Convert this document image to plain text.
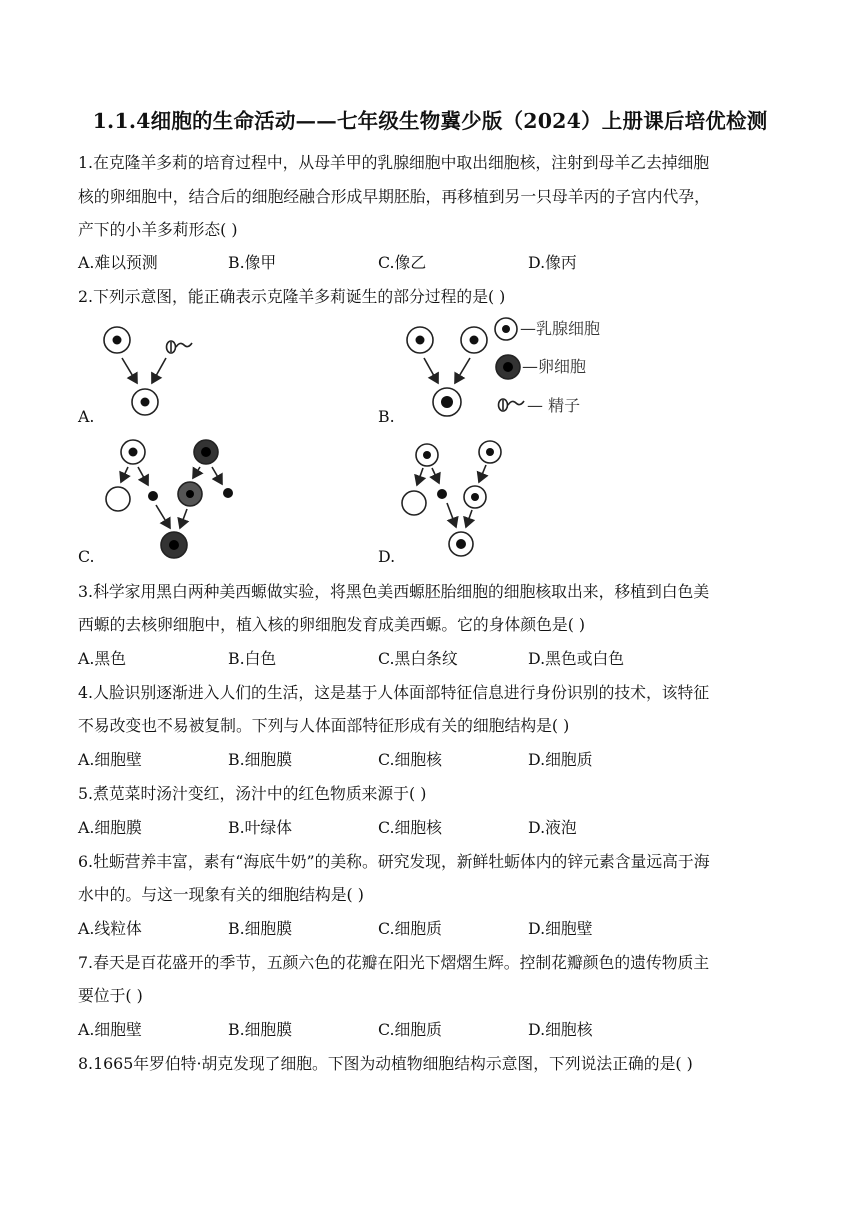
1.1.4细胞的生命活动——七年级生物冀少版（2024）上册课后培优检测
1.在克隆羊多莉的培育过程中，从母羊甲的乳腺细胞中取出细胞核，注射到母羊乙去掉细胞
核的卵细胞中，结合后的细胞经融合形成早期胚胎，再移植到另一只母羊丙的子宫内代孕，
产下的小羊多莉形态( )
A.难以预测	B.像甲	C.像乙	D.像丙
2.下列示意图，能正确表示克隆羊多莉诞生的部分过程的是( )
—乳腺细胞
—卵细胞
— 精子
A.	B.
C.	D.
3.科学家用黑白两种美西螈做实验，将黑色美西螈胚胎细胞的细胞核取出来，移植到白色美
西螈的去核卵细胞中，植入核的卵细胞发育成美西螈。它的身体颜色是( )
A.黑色	B.白色	C.黑白条纹	D.黑色或白色
4.人脸识别逐渐进入人们的生活，这是基于人体面部特征信息进行身份识别的技术，该特征
不易改变也不易被复制。下列与人体面部特征形成有关的细胞结构是( )
A.细胞壁	B.细胞膜	C.细胞核	D.细胞质
5.煮苋菜时汤汁变红，汤汁中的红色物质来源于( )
A.细胞膜	B.叶绿体	C.细胞核	D.液泡
6.牡蛎营养丰富，素有“海底牛奶”的美称。研究发现，新鲜牡蛎体内的锌元素含量远高于海
水中的。与这一现象有关的细胞结构是( )
A.线粒体	B.细胞膜	C.细胞质	D.细胞壁
7.春天是百花盛开的季节，五颜六色的花瓣在阳光下熠熠生辉。控制花瓣颜色的遗传物质主
要位于( )
A.细胞壁	B.细胞膜	C.细胞质	D.细胞核
8.1665年罗伯特·胡克发现了细胞。下图为动植物细胞结构示意图，下列说法正确的是( )
